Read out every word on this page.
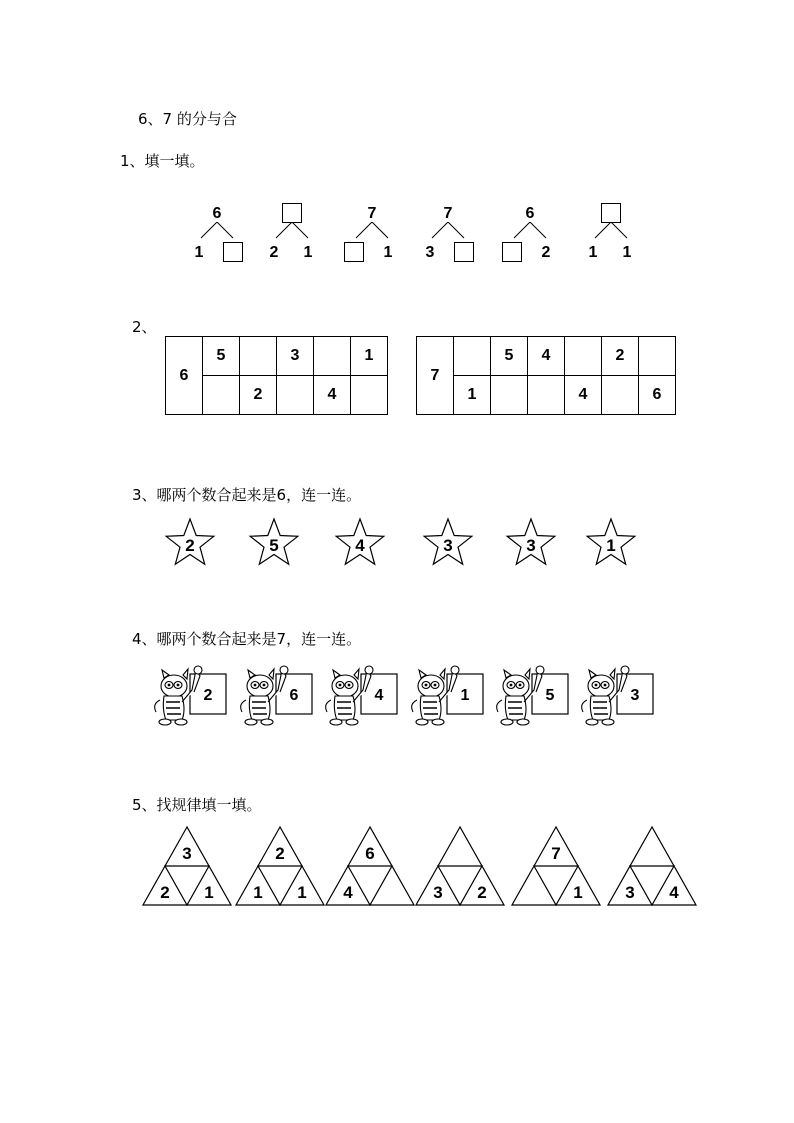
6、7 的分与合
1、填一填。
6
1	2 1
7
1
7
3
6
2 1 1
2、
6	5		3		1
		2		4	
7		5	4		2	
	1			4		6
3、哪两个数合起来是6，连一连。
2	5	4	3	3	1
4、哪两个数合起来是7，连一连。
2	6	4	1	5	3
5、找规律填一填。
3
2 1
2
1 1
6
4	3 2
7
1	3 4
